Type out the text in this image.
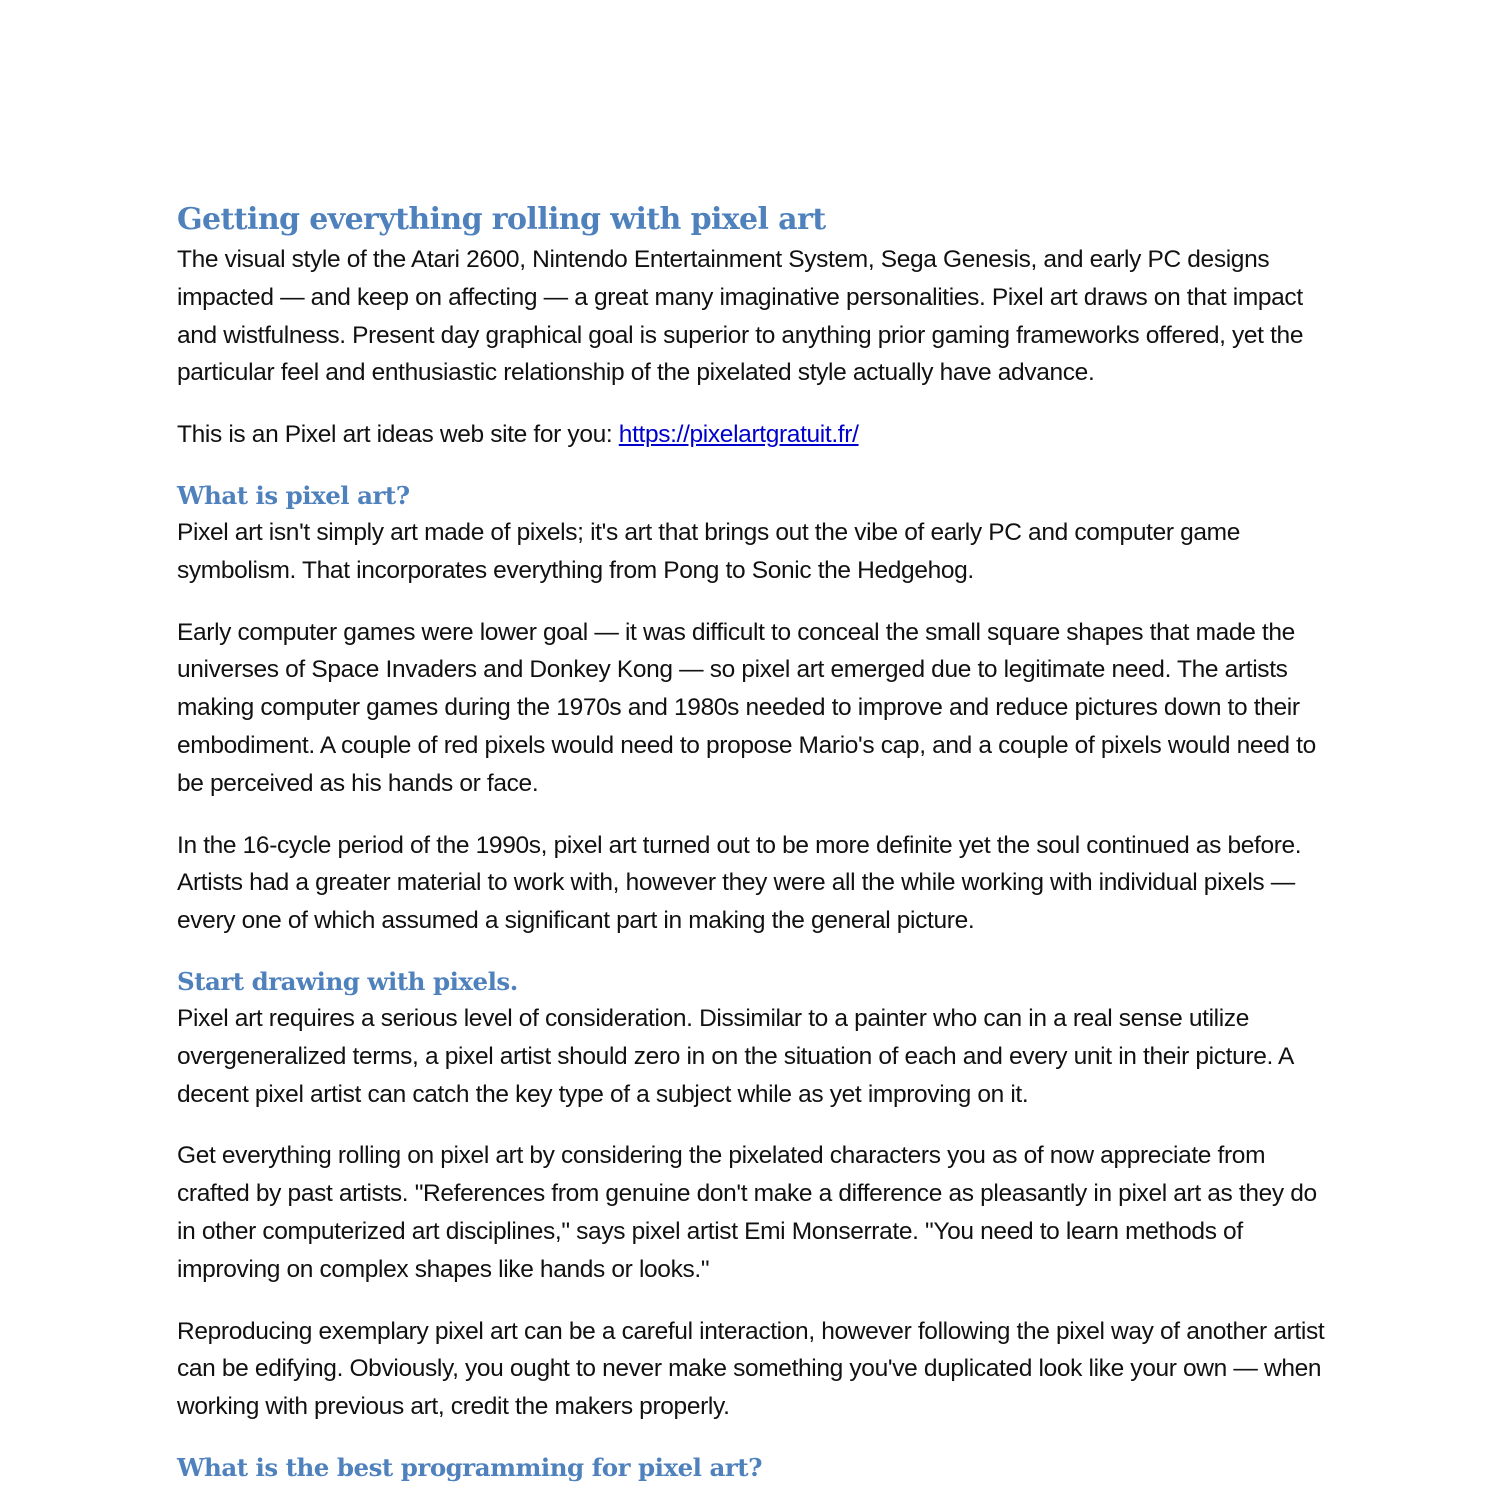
Getting everything rolling with pixel art

The visual style of the Atari 2600, Nintendo Entertainment System, Sega Genesis, and early PC designs impacted — and keep on affecting — a great many imaginative personalities. Pixel art draws on that impact and wistfulness. Present day graphical goal is superior to anything prior gaming frameworks offered, yet the particular feel and enthusiastic relationship of the pixelated style actually have advance.

This is an Pixel art ideas web site for you: https://pixelartgratuit.fr/

What is pixel art?

Pixel art isn't simply art made of pixels; it's art that brings out the vibe of early PC and computer game symbolism. That incorporates everything from Pong to Sonic the Hedgehog.

Early computer games were lower goal — it was difficult to conceal the small square shapes that made the universes of Space Invaders and Donkey Kong — so pixel art emerged due to legitimate need. The artists making computer games during the 1970s and 1980s needed to improve and reduce pictures down to their embodiment. A couple of red pixels would need to propose Mario's cap, and a couple of pixels would need to be perceived as his hands or face.

In the 16-cycle period of the 1990s, pixel art turned out to be more definite yet the soul continued as before. Artists had a greater material to work with, however they were all the while working with individual pixels — every one of which assumed a significant part in making the general picture.

Start drawing with pixels.

Pixel art requires a serious level of consideration. Dissimilar to a painter who can in a real sense utilize overgeneralized terms, a pixel artist should zero in on the situation of each and every unit in their picture. A decent pixel artist can catch the key type of a subject while as yet improving on it.

Get everything rolling on pixel art by considering the pixelated characters you as of now appreciate from crafted by past artists. "References from genuine don't make a difference as pleasantly in pixel art as they do in other computerized art disciplines," says pixel artist Emi Monserrate. "You need to learn methods of improving on complex shapes like hands or looks."

Reproducing exemplary pixel art can be a careful interaction, however following the pixel way of another artist can be edifying. Obviously, you ought to never make something you've duplicated look like your own — when working with previous art, credit the makers properly.

What is the best programming for pixel art?
